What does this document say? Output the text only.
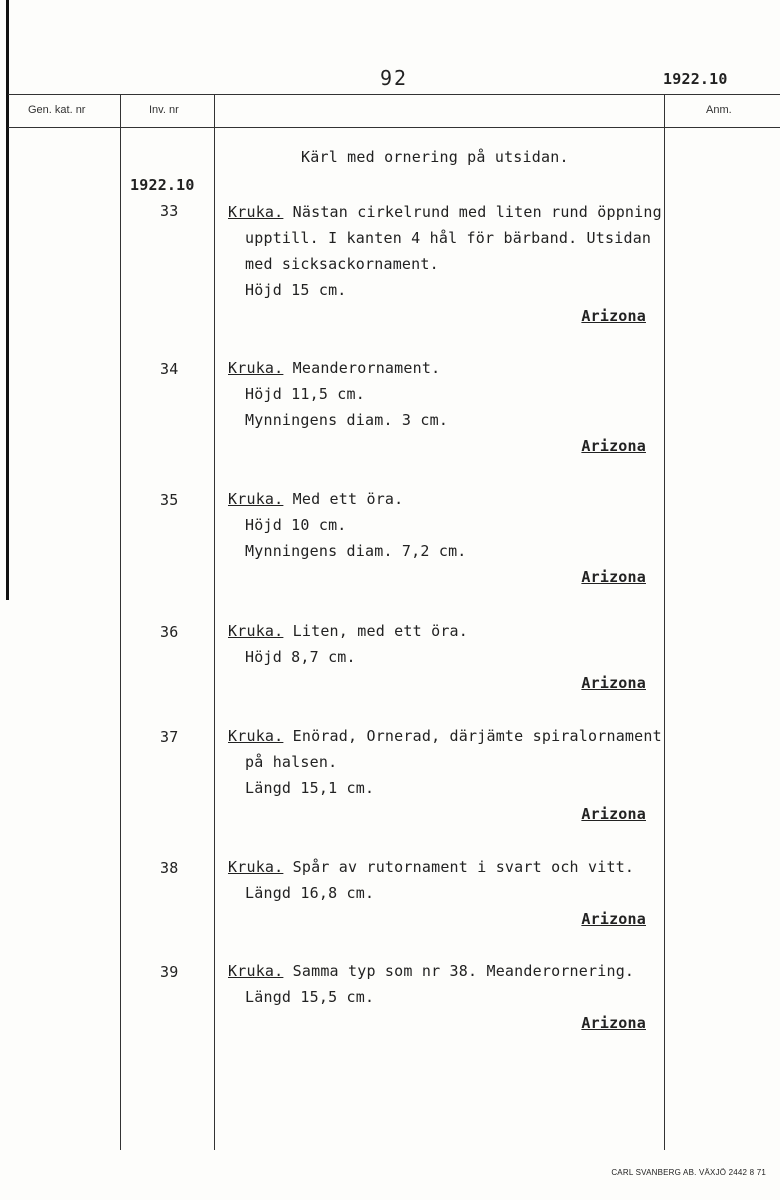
92	1922.10
Gen. kat. nr	Inv. nr	Anm.
Kärl med ornering på utsidan.
1922.10
33	Kruka. Nästan cirkelrund med liten rund öppning
upptill. I kanten 4 hål för bärband. Utsidan
med sicksackornament.
Höjd 15 cm.
Arizona
34	Kruka. Meanderornament.
Höjd 11,5 cm.
Mynningens diam. 3 cm.
Arizona
35	Kruka. Med ett öra.
Höjd 10 cm.
Mynningens diam. 7,2 cm.
Arizona
36	Kruka. Liten, med ett öra.
Höjd 8,7 cm.
Arizona
37	Kruka. Enörad, Ornerad, därjämte spiralornament
på halsen.
Längd 15,1 cm.
Arizona
38	Kruka. Spår av rutornament i svart och vitt.
Längd 16,8 cm.
Arizona
39	Kruka. Samma typ som nr 38. Meanderornering.
Längd 15,5 cm.
Arizona
CARL SVANBERG AB. VÄXJÖ 2442 8 71
